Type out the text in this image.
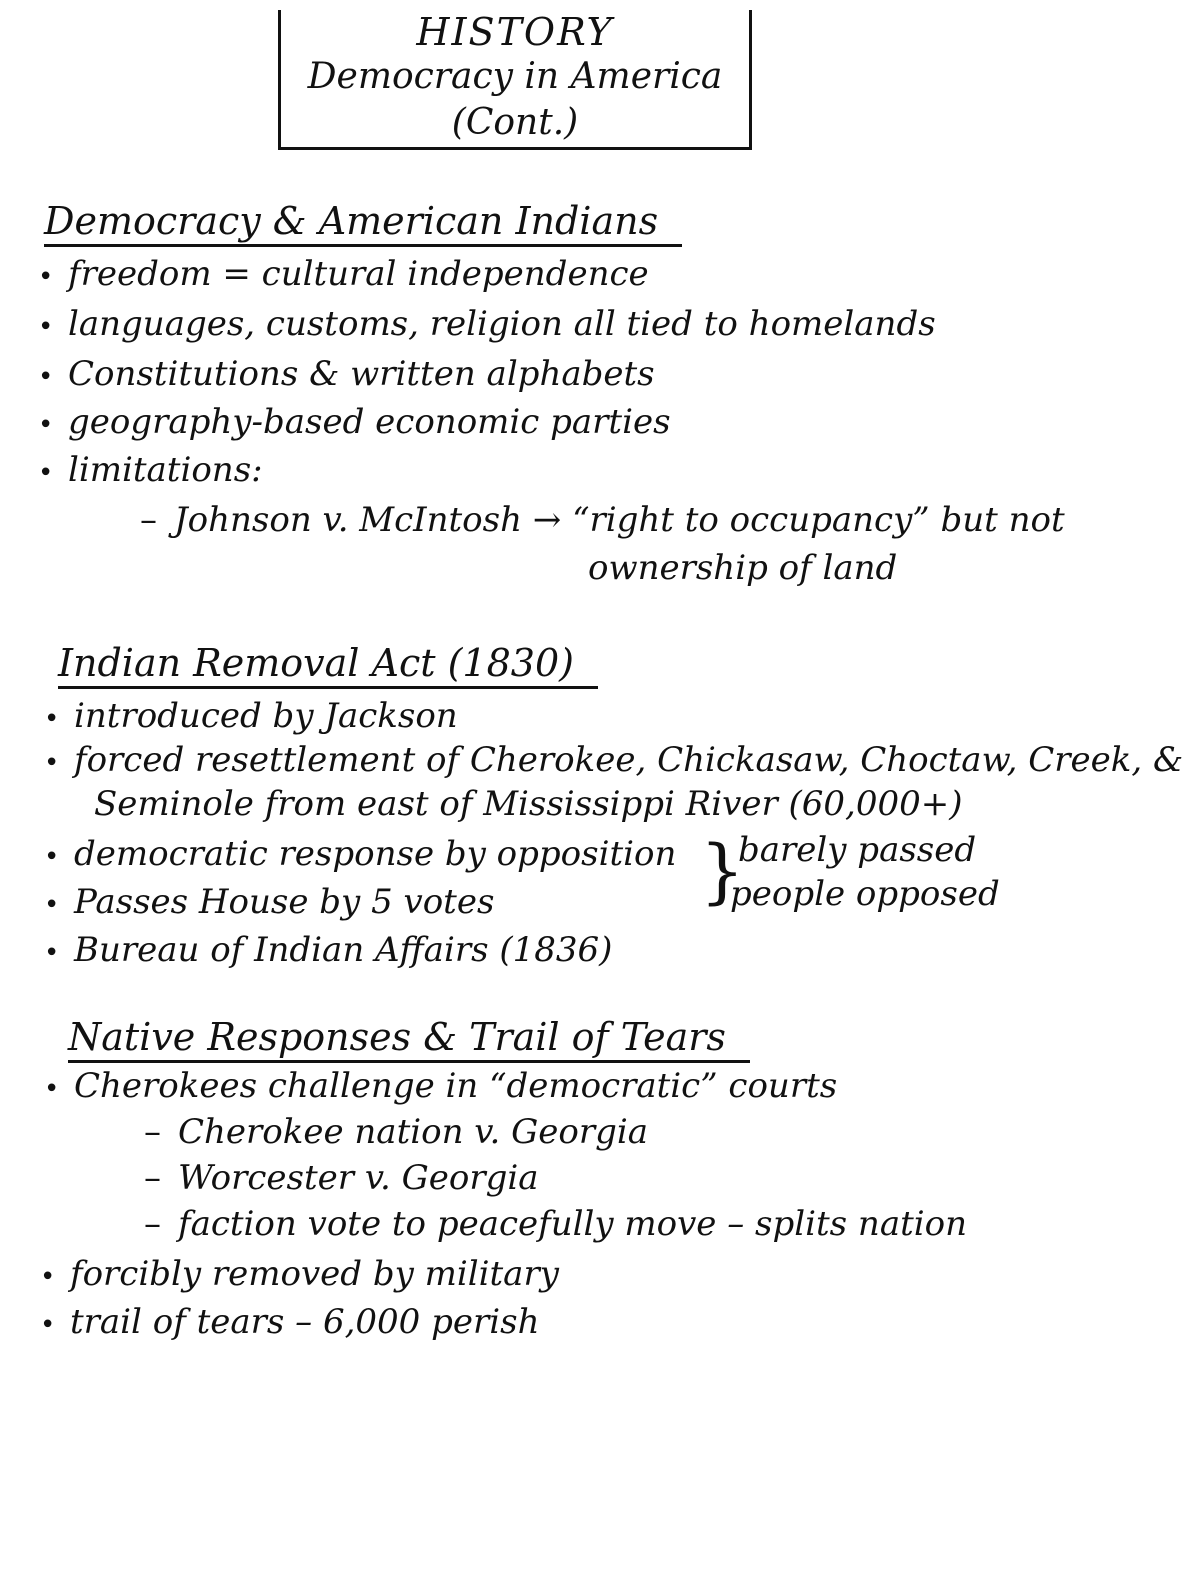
HISTORY
Democracy in America
(Cont.)
Democracy & American Indians
• freedom = cultural independence
• languages, customs, religion all tied to homelands
• Constitutions & written alphabets
• geography-based economic parties
• limitations:
– Johnson v. McIntosh → “right to occupancy” but not
ownership of land
Indian Removal Act (1830)
• introduced by Jackson
• forced resettlement of Cherokee, Chickasaw, Choctaw, Creek, &
Seminole from east of Mississippi River (60,000+)
• democratic response by opposition
• Passes House by 5 votes
• Bureau of Indian Affairs (1836)
}
barely passed
people opposed
Native Responses & Trail of Tears
• Cherokees challenge in “democratic” courts
– Cherokee nation v. Georgia
– Worcester v. Georgia
– faction vote to peacefully move – splits nation
• forcibly removed by military
• trail of tears – 6,000 perish
